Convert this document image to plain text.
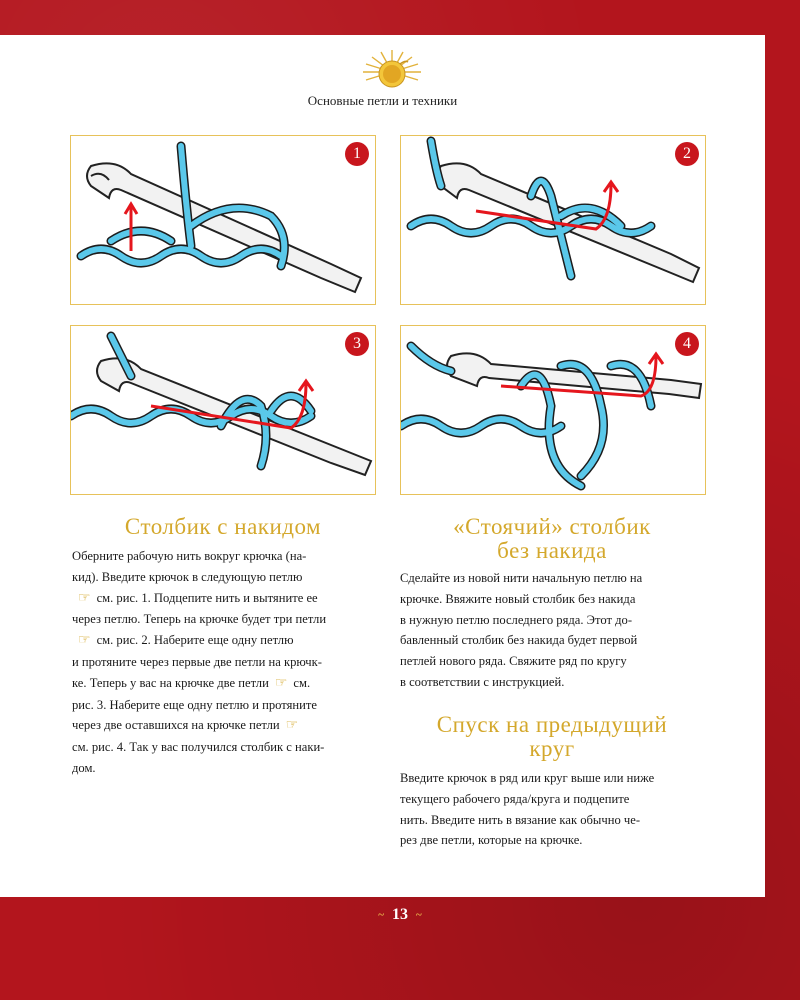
Основные петли и техники
1	2
3	4
Столбик с накидом
Оберните рабочую нить вокруг крючка (на-
кид). Введите крючок в следующую петлю
☞ см. рис. 1. Подцепите нить и вытяните ее
через петлю. Теперь на крючке будет три петли
☞ см. рис. 2. Наберите еще одну петлю
и протяните через первые две петли на крючк-
ке. Теперь у вас на крючке две петли ☞ см.
рис. 3. Наберите еще одну петлю и протяните
через две оставшихся на крючке петли ☞
см. рис. 4. Так у вас получился столбик с наки-
дом.
«Стоячий» столбик
без накида
Сделайте из новой нити начальную петлю на
крючке. Ввяжите новый столбик без накида
в нужную петлю последнего ряда. Этот до-
бавленный столбик без накида будет первой
петлей нового ряда. Свяжите ряд по кругу
в соответствии с инструкцией.
Спуск на предыдущий
круг
Введите крючок в ряд или круг выше или ниже
текущего рабочего ряда/круга и подцепите
нить. Введите нить в вязание как обычно че-
рез две петли, которые на крючке.
~ 13 ~
